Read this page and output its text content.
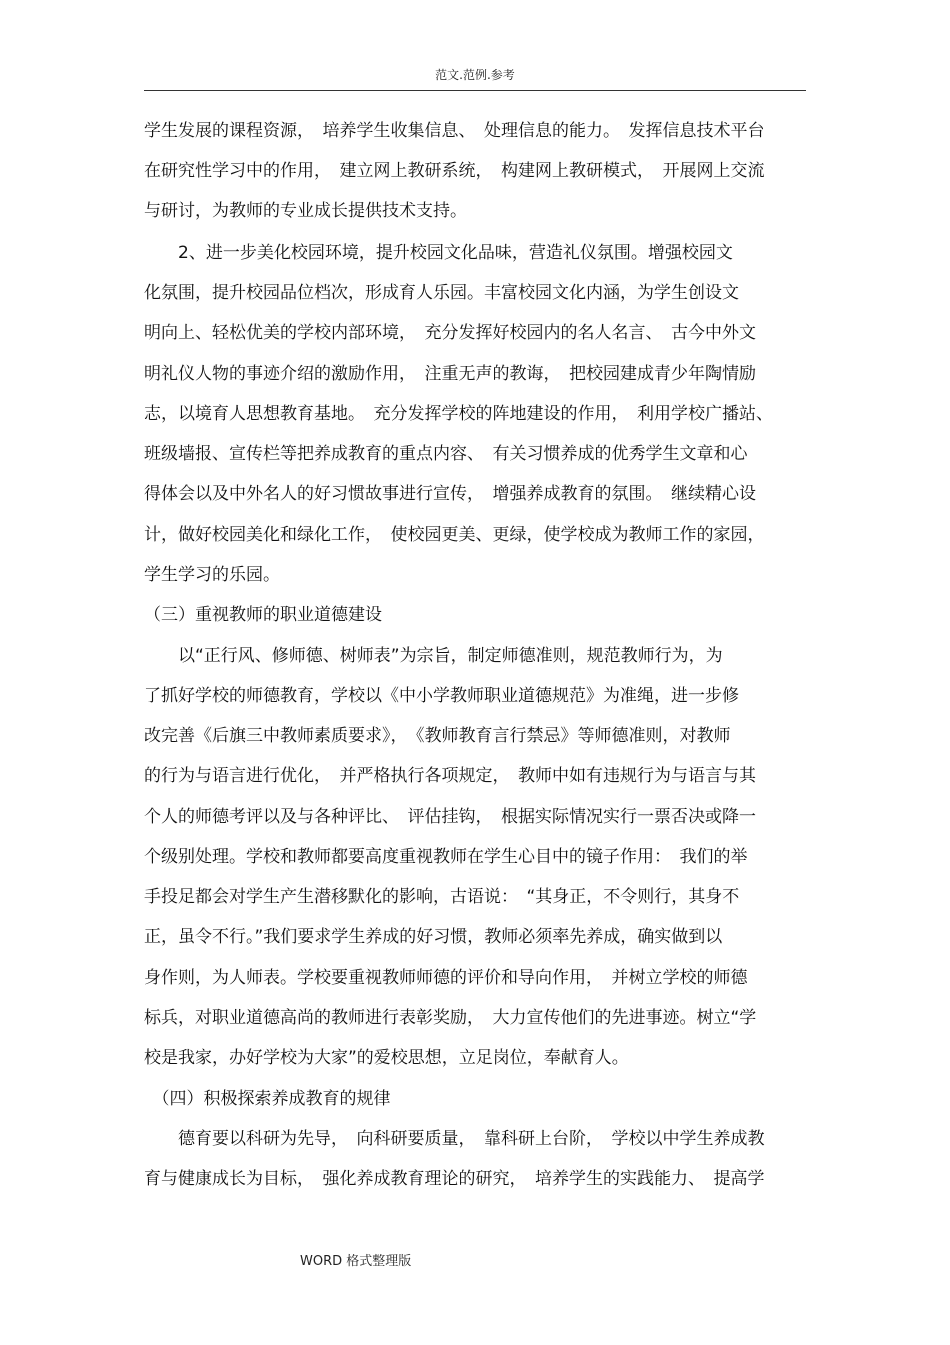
范文.范例.参考
学生发展的课程资源，　培养学生收集信息、　处理信息的能力。　发挥信息技术平台
在研究性学习中的作用，　建立网上教研系统，　构建网上教研模式，　开展网上交流
与研讨，为教师的专业成长提供技术支持。
　　2、进一步美化校园环境，提升校园文化品味，营造礼仪氛围。增强校园文
化氛围，提升校园品位档次，形成育人乐园。丰富校园文化内涵，为学生创设文
明向上、轻松优美的学校内部环境，　充分发挥好校园内的名人名言、　古今中外文
明礼仪人物的事迹介绍的激励作用，　注重无声的教诲，　把校园建成青少年陶情励
志，以境育人思想教育基地。　充分发挥学校的阵地建设的作用，　利用学校广播站、
班级墙报、宣传栏等把养成教育的重点内容、　有关习惯养成的优秀学生文章和心
得体会以及中外名人的好习惯故事进行宣传，　增强养成教育的氛围。　继续精心设
计，做好校园美化和绿化工作，　使校园更美、更绿，使学校成为教师工作的家园，
学生学习的乐园。
（三）重视教师的职业道德建设
　　以“正行风、修师德、树师表”为宗旨，制定师德准则，规范教师行为，为
了抓好学校的师德教育，学校以《中小学教师职业道德规范》为准绳，进一步修
改完善《后旗三中教师素质要求》，　《教师教育言行禁忌》等师德准则，对教师
的行为与语言进行优化，　并严格执行各项规定，　教师中如有违规行为与语言与其
个人的师德考评以及与各种评比、　评估挂钩，　根据实际情况实行一票否决或降一
个级别处理。学校和教师都要高度重视教师在学生心目中的镜子作用：　我们的举
手投足都会对学生产生潜移默化的影响，古语说：　“其身正，不令则行，其身不
正，虽令不行。”我们要求学生养成的好习惯，教师必须率先养成，确实做到以
身作则，为人师表。学校要重视教师师德的评价和导向作用，　并树立学校的师德
标兵，对职业道德高尚的教师进行表彰奖励，　大力宣传他们的先进事迹。树立“学
校是我家，办好学校为大家”的爱校思想，立足岗位，奉献育人。
　（四）积极探索养成教育的规律
　　德育要以科研为先导，　向科研要质量，　靠科研上台阶，　学校以中学生养成教
育与健康成长为目标，　强化养成教育理论的研究，　培养学生的实践能力、　提高学
WORD 格式整理版
